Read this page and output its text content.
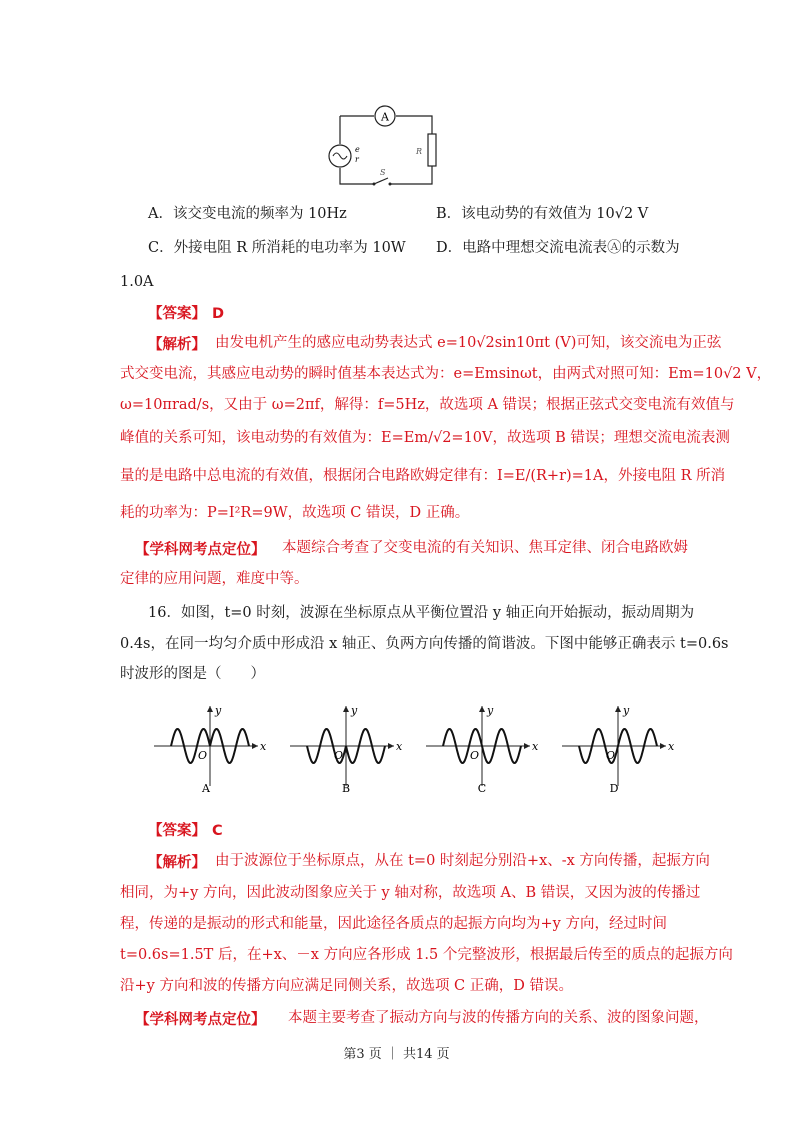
A
e
r
R
S
A．该交变电流的频率为 10Hz	B．该电动势的有效值为 10√2 V
C．外接电阻 R 所消耗的电功率为 10W D．电路中理想交流电流表Ⓐ的示数为
1.0A
【答案】 D
【解析】 由发电机产生的感应电动势表达式 e=10√2sin10πt (V)可知，该交流电为正弦
式交变电流，其感应电动势的瞬时值基本表达式为：e=Emsinωt，由两式对照可知：Em=10√2 V，
ω=10πrad/s，又由于 ω=2πf，解得：f=5Hz，故选项 A 错误；根据正弦式交变电流有效值与
峰值的关系可知，该电动势的有效值为：E=Em/√2=10V，故选项 B 错误；理想交流电流表测
量的是电路中总电流的有效值，根据闭合电路欧姆定律有：I=E/(R+r)=1A，外接电阻 R 所消
耗的功率为：P=I²R=9W，故选项 C 错误，D 正确。
【学科网考点定位】 本题综合考查了交变电流的有关知识、焦耳定律、闭合电路欧姆
定律的应用问题，难度中等。
16．如图，t=0 时刻，波源在坐标原点从平衡位置沿 y 轴正向开始振动，振动周期为
0.4s，在同一均匀介质中形成沿 x 轴正、负两方向传播的简谐波。下图中能够正确表示 t=0.6s
时波形的图是（　　）
y
x
O
A
y
x
O
B
y
x
O
C
y
x
O
D
【答案】 C
【解析】 由于波源位于坐标原点，从在 t=0 时刻起分别沿+x、-x 方向传播，起振方向
相同，为+y 方向，因此波动图象应关于 y 轴对称，故选项 A、B 错误，又因为波的传播过
程，传递的是振动的形式和能量，因此途径各质点的起振方向均为+y 方向，经过时间
t=0.6s=1.5T 后，在+x、－x 方向应各形成 1.5 个完整波形，根据最后传至的质点的起振方向
沿+y 方向和波的传播方向应满足同侧关系，故选项 C 正确，D 错误。
【学科网考点定位】 本题主要考查了振动方向与波的传播方向的关系、波的图象问题，
第3 页 ｜ 共14 页
